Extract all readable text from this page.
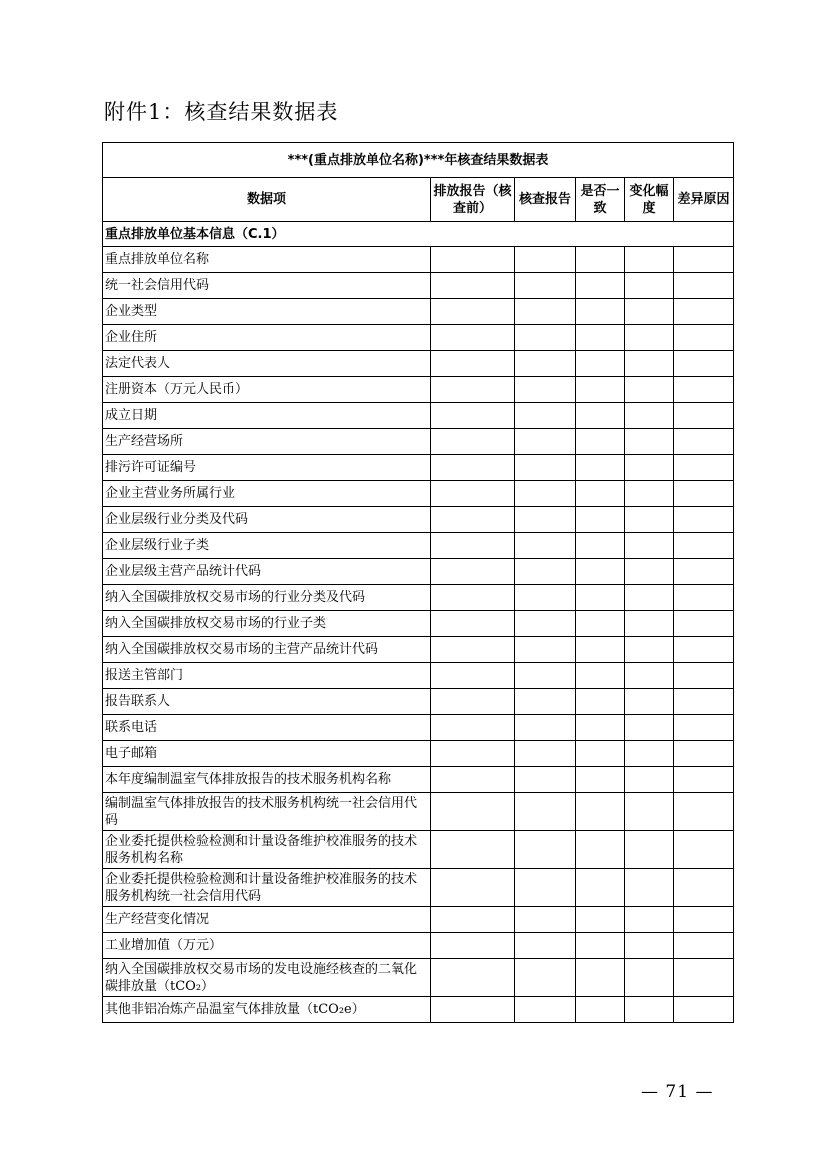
附件1：核查结果数据表
***(重点排放单位名称)***年核查结果数据表					
数据项	排放报告（核查前）	核查报告	是否一致	变化幅度	差异原因
重点排放单位基本信息（C.1）					
重点排放单位名称					
统一社会信用代码					
企业类型					
企业住所					
法定代表人					
注册资本（万元人民币）					
成立日期					
生产经营场所					
排污许可证编号					
企业主营业务所属行业					
企业层级行业分类及代码					
企业层级行业子类					
企业层级主营产品统计代码					
纳入全国碳排放权交易市场的行业分类及代码					
纳入全国碳排放权交易市场的行业子类					
纳入全国碳排放权交易市场的主营产品统计代码					
报送主管部门					
报告联系人					
联系电话					
电子邮箱					
本年度编制温室气体排放报告的技术服务机构名称					
编制温室气体排放报告的技术服务机构统一社会信用代码					
企业委托提供检验检测和计量设备维护校准服务的技术服务机构名称					
企业委托提供检验检测和计量设备维护校准服务的技术服务机构统一社会信用代码					
生产经营变化情况					
工业增加值（万元）					
纳入全国碳排放权交易市场的发电设施经核查的二氧化碳排放量（tCO₂）					
其他非铝冶炼产品温室气体排放量（tCO₂e）					
— 71 —
